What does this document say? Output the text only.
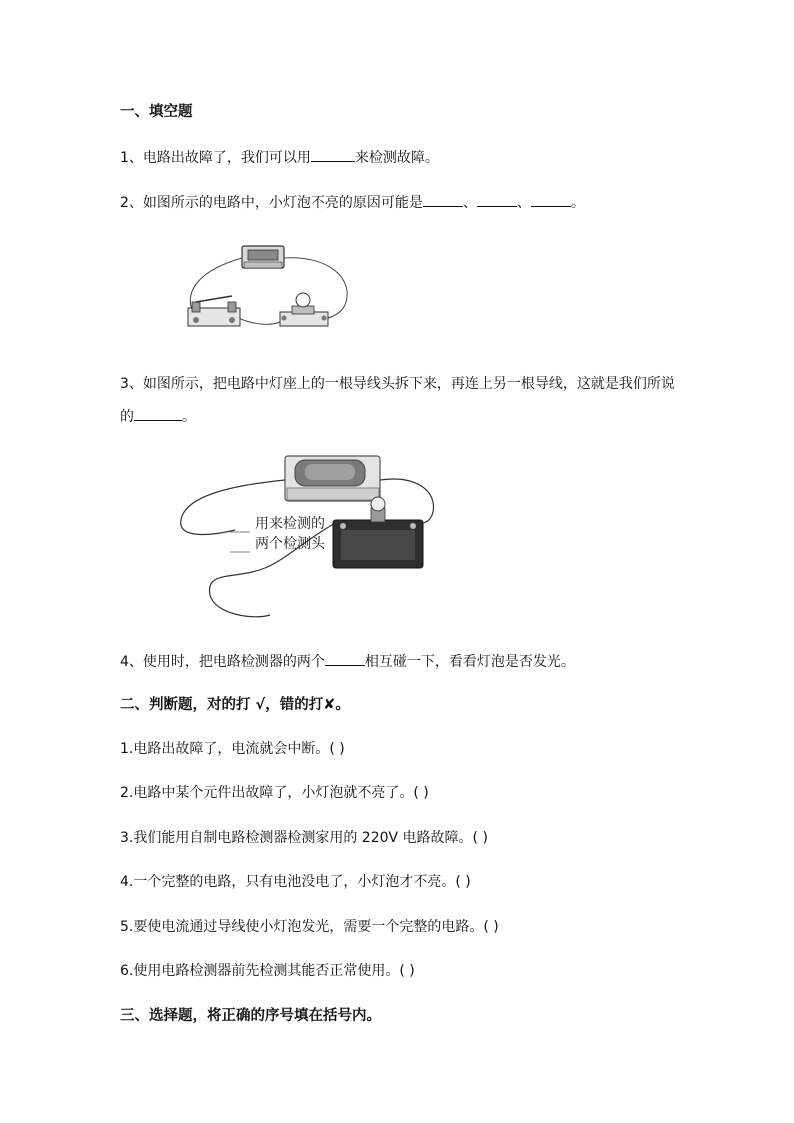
一、填空题
1、电路出故障了，我们可以用	来检测故障。
2、如图所示的电路中，小灯泡不亮的原因可能是	、	、	。
3、如图所示，把电路中灯座上的一根导线头拆下来，再连上另一根导线，这就是我们所说
的	。
用来检测的
两个检测头
4、使用时，把电路检测器的两个	相互碰一下，看看灯泡是否发光。
二、判断题，对的打 √，错的打✘。
1.电路出故障了，电流就会中断。( )
2.电路中某个元件出故障了，小灯泡就不亮了。( )
3.我们能用自制电路检测器检测家用的 220V 电路故障。( )
4.一个完整的电路，只有电池没电了，小灯泡才不亮。( )
5.要使电流通过导线使小灯泡发光，需要一个完整的电路。( )
6.使用电路检测器前先检测其能否正常使用。( )
三、选择题，将正确的序号填在括号内。
